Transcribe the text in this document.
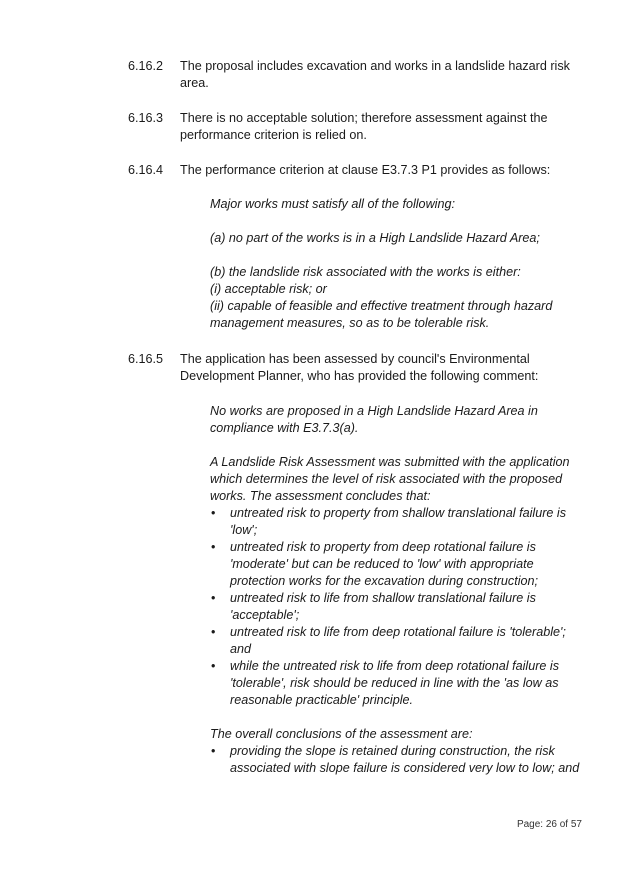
6.16.2 The proposal includes excavation and works in a landslide hazard risk area.
6.16.3 There is no acceptable solution; therefore assessment against the performance criterion is relied on.
6.16.4 The performance criterion at clause E3.7.3 P1 provides as follows:

Major works must satisfy all of the following:

(a) no part of the works is in a High Landslide Hazard Area;

(b) the landslide risk associated with the works is either:

(i) acceptable risk; or

(ii) capable of feasible and effective treatment through hazard management measures, so as to be tolerable risk.

6.16.5 The application has been assessed by council's Environmental Development Planner, who has provided the following comment:

No works are proposed in a High Landslide Hazard Area in compliance with E3.7.3(a).

A Landslide Risk Assessment was submitted with the application which determines the level of risk associated with the proposed works. The assessment concludes that:

• untreated risk to property from shallow translational failure is 'low';
• untreated risk to property from deep rotational failure is 'moderate' but can be reduced to 'low' with appropriate protection works for the excavation during construction;
• untreated risk to life from shallow translational failure is 'acceptable';
• untreated risk to life from deep rotational failure is 'tolerable'; and
• while the untreated risk to life from deep rotational failure is 'tolerable', risk should be reduced in line with the 'as low as reasonable practicable' principle.

The overall conclusions of the assessment are:

• providing the slope is retained during construction, the risk associated with slope failure is considered very low to low; and
Page: 26 of 57
